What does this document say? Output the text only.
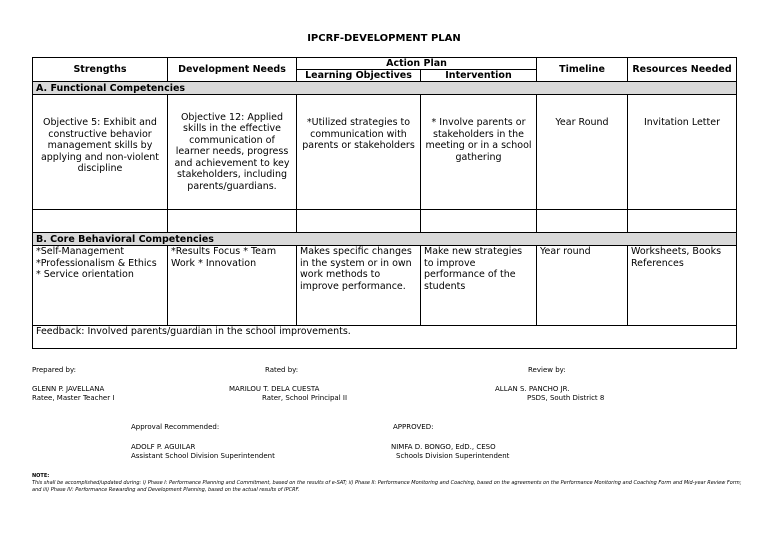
IPCRF-DEVELOPMENT PLAN
Strengths	Development Needs	Action Plan		Timeline	Resources Needed
		Learning Objectives	Intervention		
A. Functional Competencies					
Objective 5: Exhibit and constructive behavior management skills by applying and non-violent discipline	Objective 12: Applied skills in the effective communication of learner needs, progress and achievement to key stakeholders, including parents/guardians.	*Utilized strategies to communication with parents or stakeholders	* Involve parents or stakeholders in the meeting or in a school gathering	Year Round	Invitation Letter

B. Core Behavioral Competencies					
*Self-Management *Professionalism & Ethics * Service orientation	*Results Focus * Team Work * Innovation	Makes specific changes in the system or in own work methods to improve performance.	Make new strategies to improve performance of the students	Year round	Worksheets, Books References
Feedback: Involved parents/guardian in the school improvements.					
Prepared by:	Rated by:	Review by:
GLENN P. JAVELLANA
Ratee, Master Teacher I
MARILOU T. DELA CUESTA
Rater, School Principal II
ALLAN S. PANCHO JR.
PSDS, South District 8
Approval Recommended:	APPROVED:
ADOLF P. AGUILAR
Assistant School Division Superintendent
NIMFA D. BONGO, EdD., CESO
Schools Division Superintendent
NOTE:
This shall be accomplished/updated during: i) Phase I: Performance Planning and Commitment, based on the results of e-SAT; ii) Phase II: Performance Monitoring and Coaching, based on the agreements on the Performance Monitoring and Coaching Form and Mid-year Review Form; and iii) Phase IV: Performance Rewarding and Development Planning, based on the actual results of IPCRF.
